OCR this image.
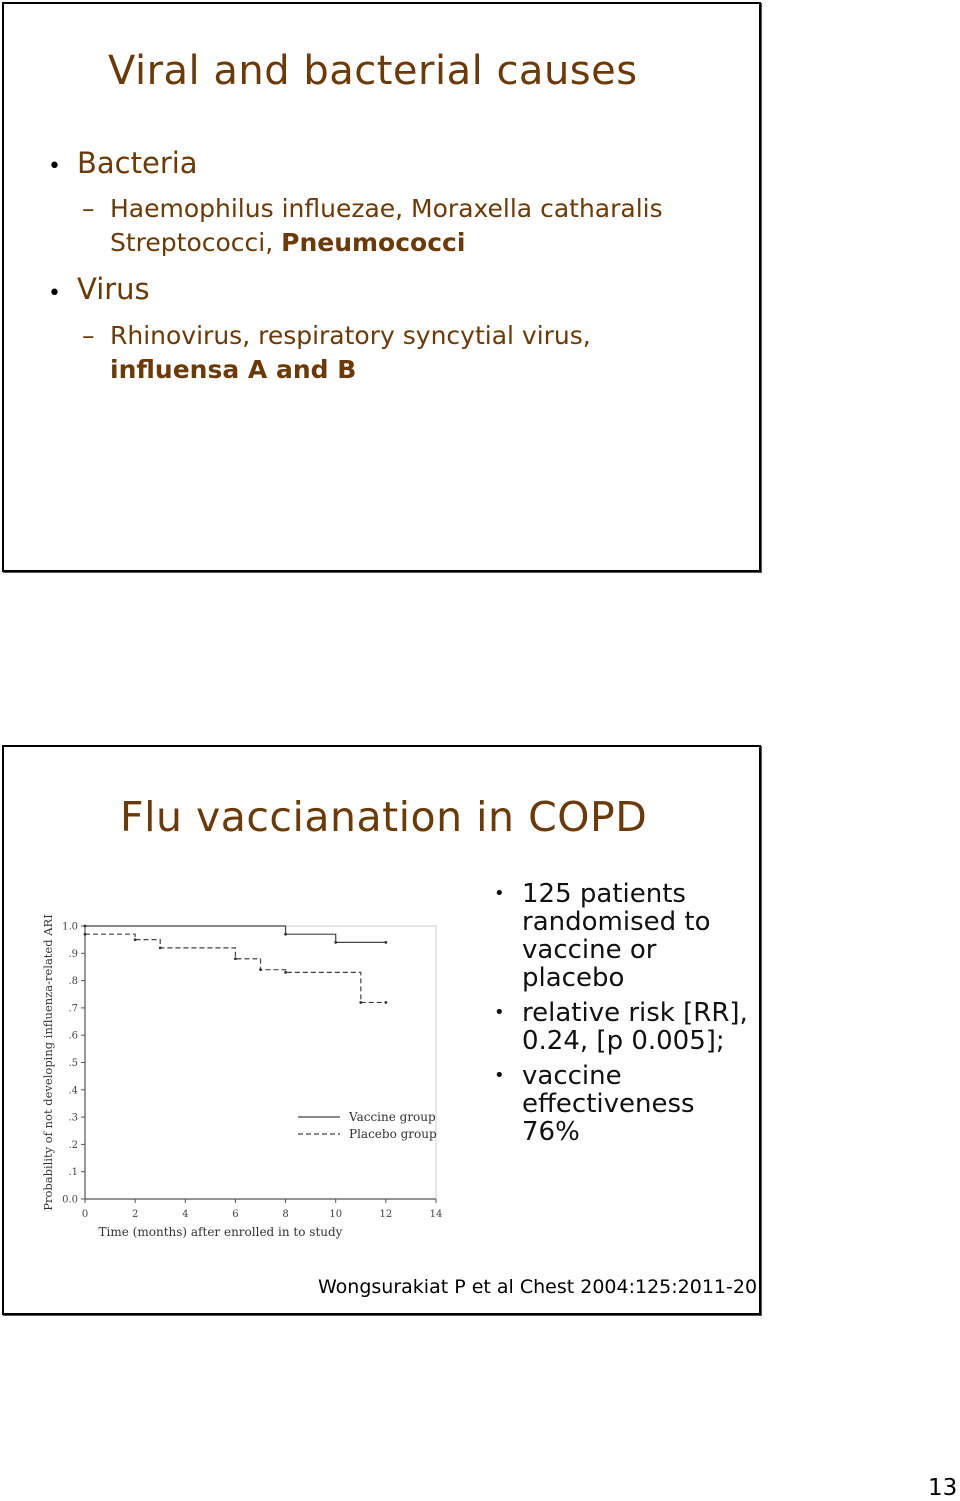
Viral and bacterial causes
• Bacteria
– Haemophilus influezae, Moraxella catharalis
Streptococci, Pneumococci
• Virus
– Rhinovirus, respiratory syncytial virus,
influensa A and B
Flu vaccianation in COPD
0	2	4	6	8	10	12	14
0.0
.1
.2
.3
.4
.5
.6
.7
.8
.9
1.0
Time (months) after enrolled in to study
Probability of not developing influenza-related ARI	Vaccine group
Placebo group
• 125 patients randomised to vaccine or placebo
• relative risk [RR], 0.24, [p 0.005];
• vaccine effectiveness 76%
Wongsurakiat P et al Chest 2004:125:2011-20
13
